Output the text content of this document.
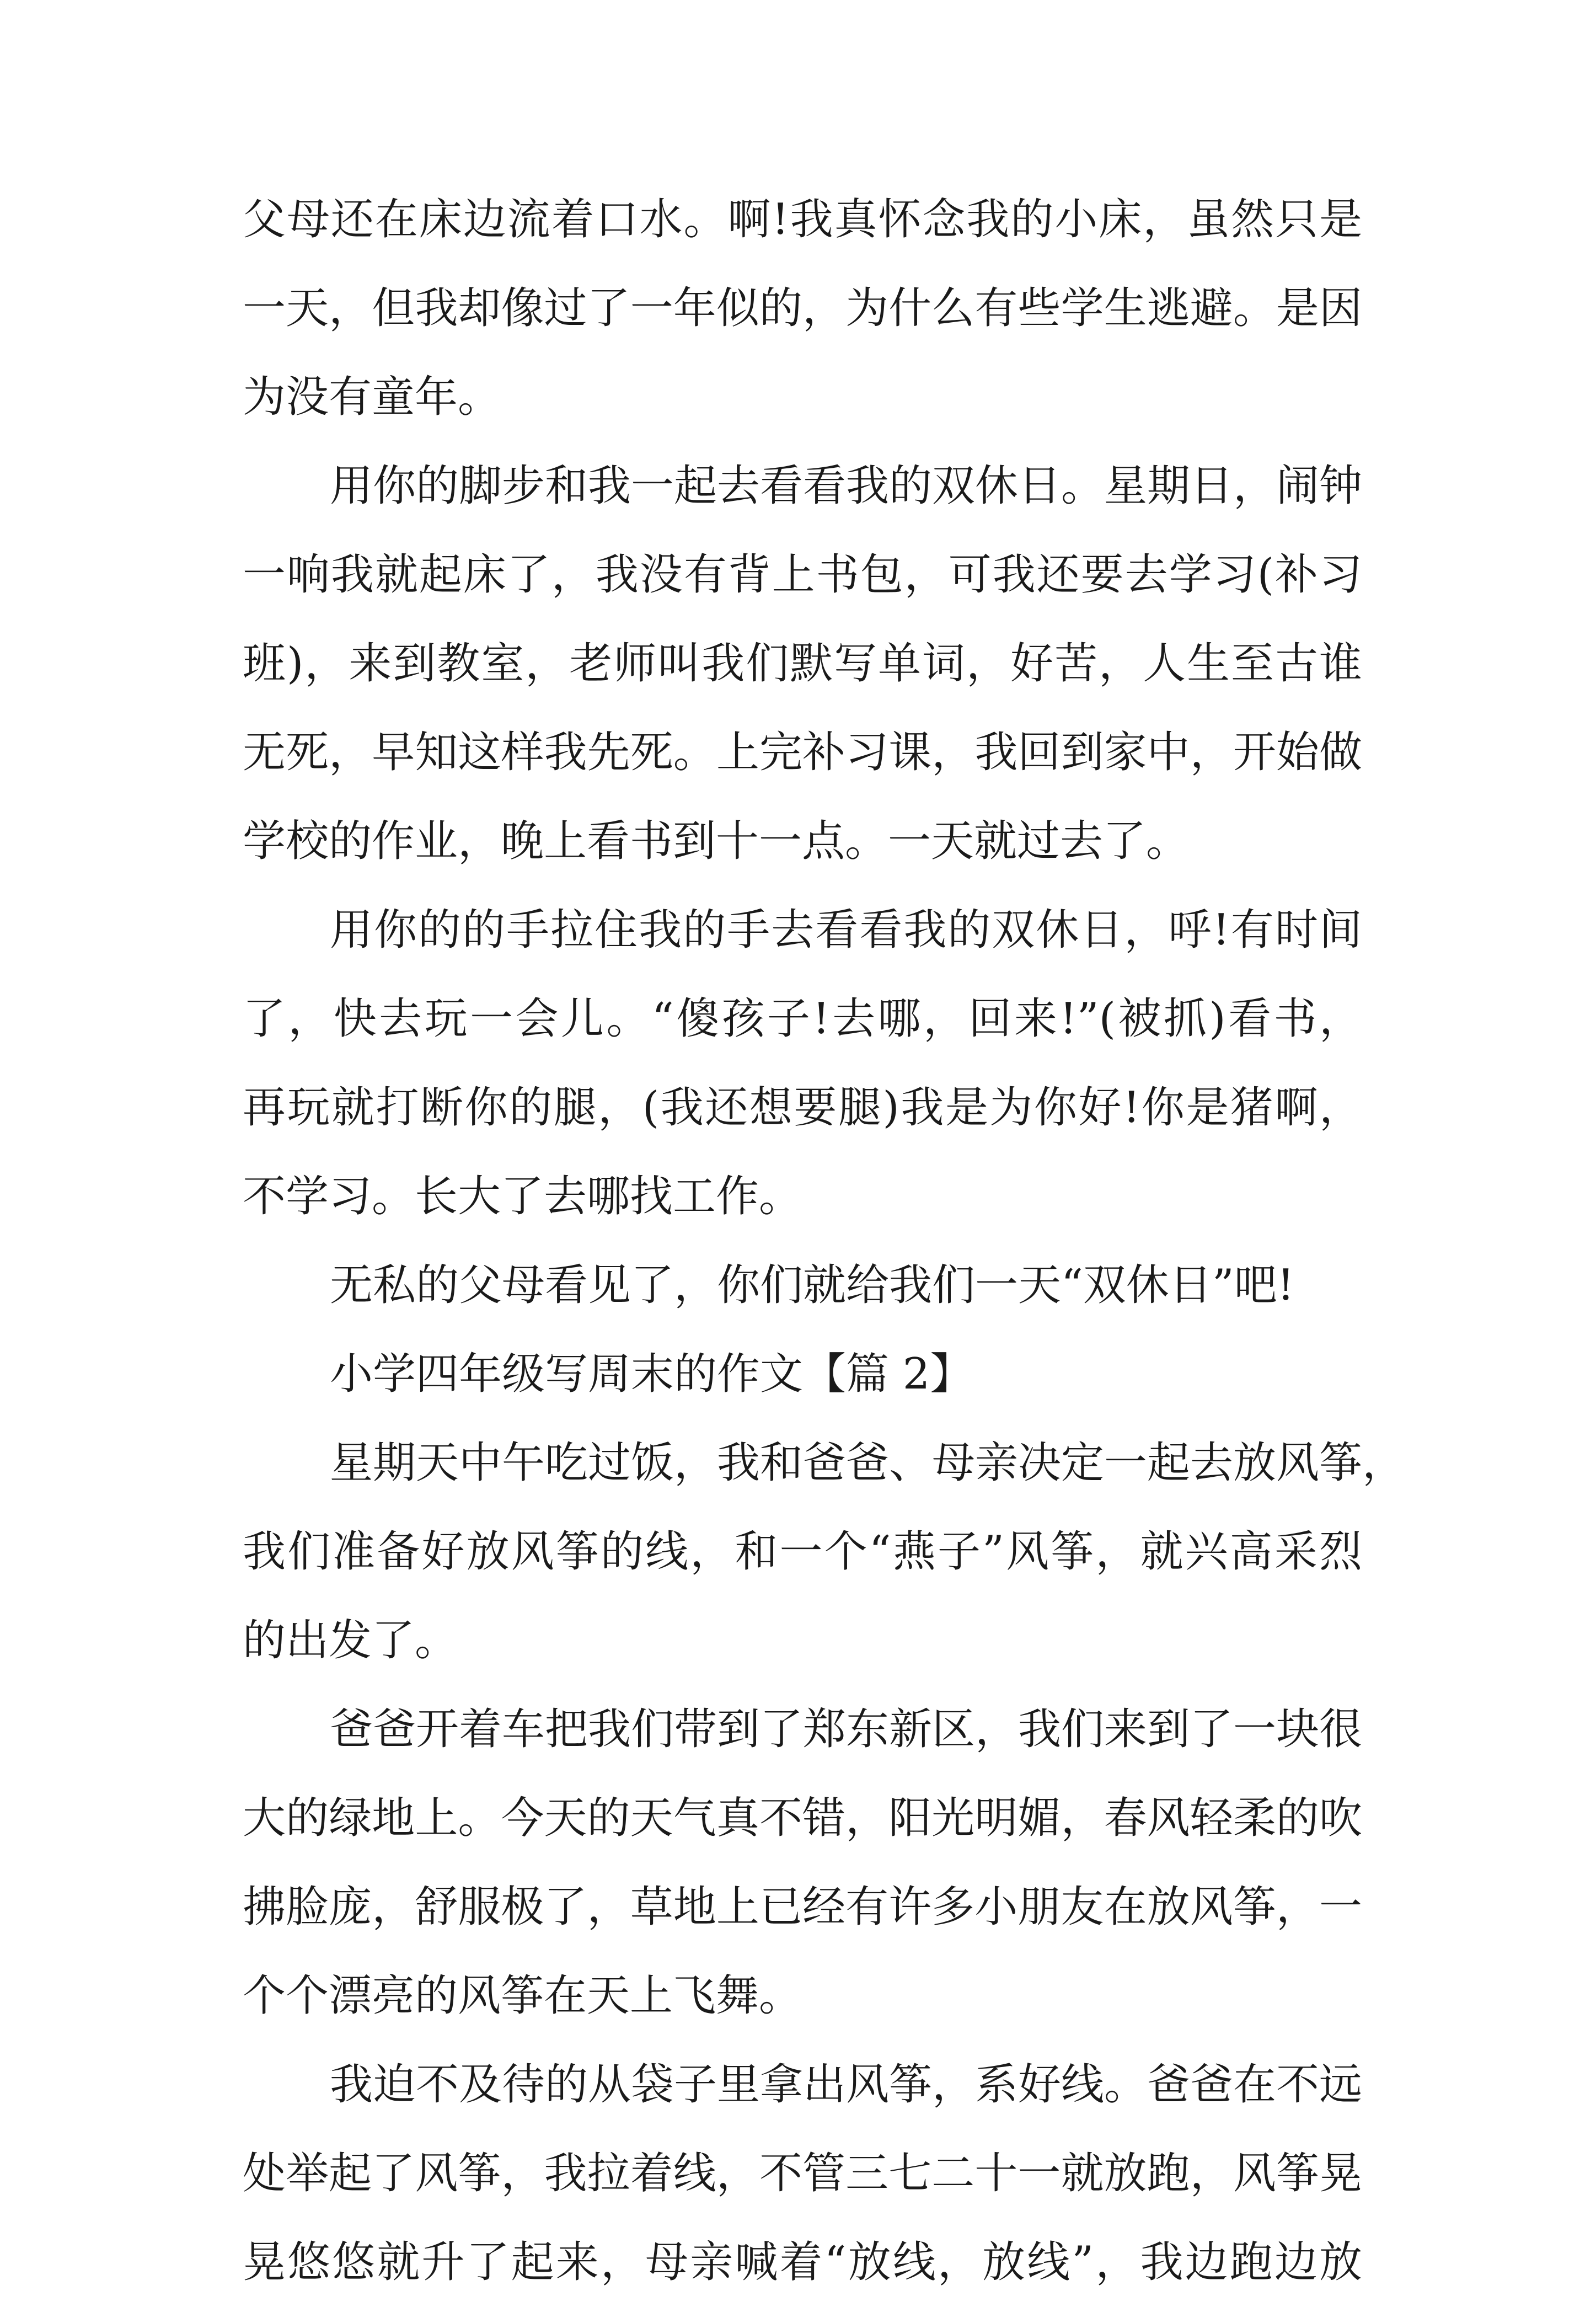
父母还在床边流着口水。啊!我真怀念我的小床，虽然只是
一天，但我却像过了一年似的，为什么有些学生逃避。是因
为没有童年。
用你的脚步和我一起去看看我的双休日。星期日，闹钟
一响我就起床了，我没有背上书包，可我还要去学习(补习
班)，来到教室，老师叫我们默写单词，好苦，人生至古谁
无死，早知这样我先死。上完补习课，我回到家中，开始做
学校的作业，晚上看书到十一点。一天就过去了。
用你的的手拉住我的手去看看我的双休日，呼!有时间
了，快去玩一会儿。“傻孩子!去哪，回来!”(被抓)看书，
再玩就打断你的腿，(我还想要腿)我是为你好!你是猪啊，
不学习。长大了去哪找工作。
无私的父母看见了，你们就给我们一天“双休日”吧!
小学四年级写周末的作文【篇 2】
星期天中午吃过饭，我和爸爸、母亲决定一起去放风筝，
我们准备好放风筝的线，和一个“燕子”风筝，就兴高采烈
的出发了。
爸爸开着车把我们带到了郑东新区，我们来到了一块很
大的绿地上。今天的天气真不错，阳光明媚，春风轻柔的吹
拂脸庞，舒服极了，草地上已经有许多小朋友在放风筝，一
个个漂亮的风筝在天上飞舞。
我迫不及待的从袋子里拿出风筝，系好线。爸爸在不远
处举起了风筝，我拉着线，不管三七二十一就放跑，风筝晃
晃悠悠就升了起来，母亲喊着“放线，放线”，我边跑边放
